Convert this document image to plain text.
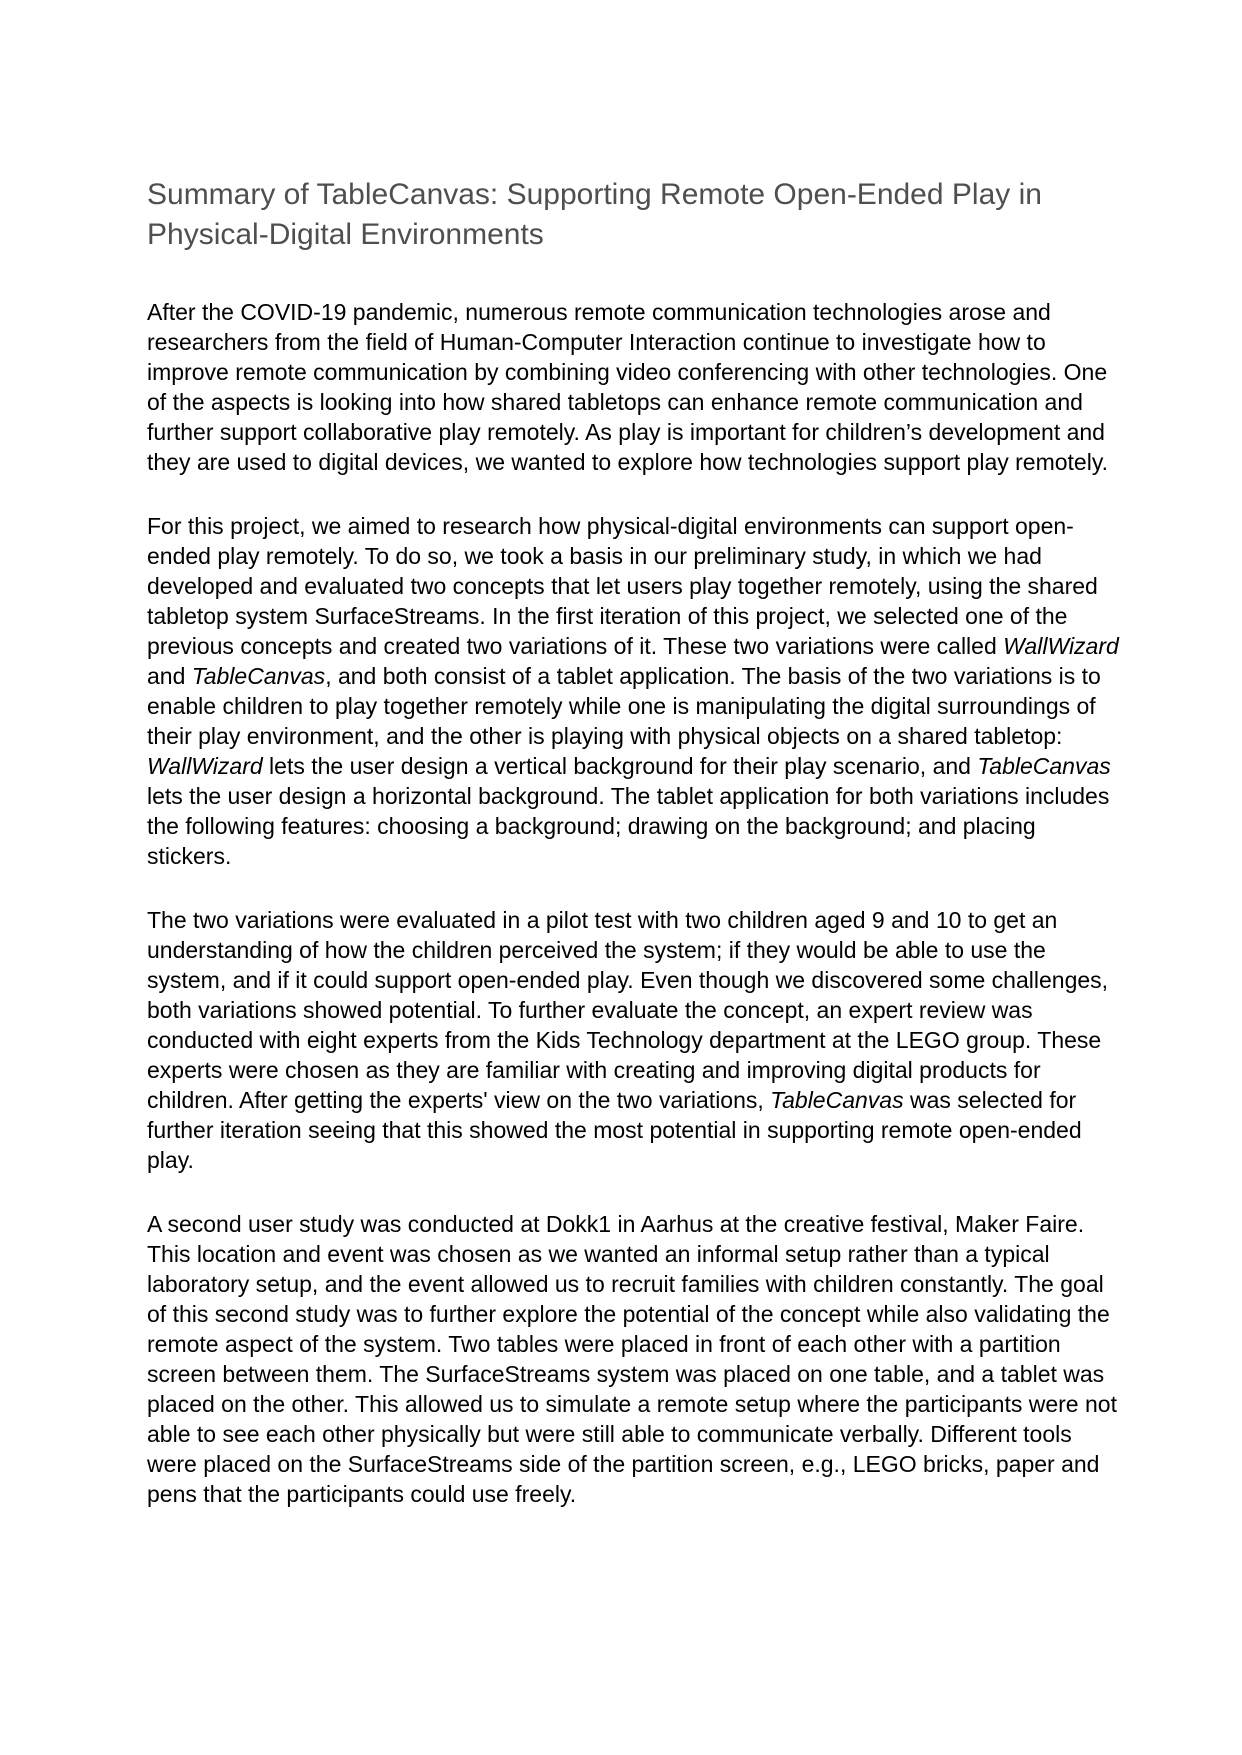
Summary of TableCanvas: Supporting Remote Open-Ended Play in Physical-Digital Environments

After the COVID-19 pandemic, numerous remote communication technologies arose and researchers from the field of Human-Computer Interaction continue to investigate how to improve remote communication by combining video conferencing with other technologies. One of the aspects is looking into how shared tabletops can enhance remote communication and further support collaborative play remotely. As play is important for children’s development and they are used to digital devices, we wanted to explore how technologies support play remotely.

For this project, we aimed to research how physical-digital environments can support open-ended play remotely. To do so, we took a basis in our preliminary study, in which we had developed and evaluated two concepts that let users play together remotely, using the shared tabletop system SurfaceStreams. In the first iteration of this project, we selected one of the previous concepts and created two variations of it. These two variations were called WallWizard and TableCanvas, and both consist of a tablet application. The basis of the two variations is to enable children to play together remotely while one is manipulating the digital surroundings of their play environment, and the other is playing with physical objects on a shared tabletop: WallWizard lets the user design a vertical background for their play scenario, and TableCanvas lets the user design a horizontal background. The tablet application for both variations includes the following features: choosing a background; drawing on the background; and placing stickers.

The two variations were evaluated in a pilot test with two children aged 9 and 10 to get an understanding of how the children perceived the system; if they would be able to use the system, and if it could support open-ended play. Even though we discovered some challenges, both variations showed potential. To further evaluate the concept, an expert review was conducted with eight experts from the Kids Technology department at the LEGO group. These experts were chosen as they are familiar with creating and improving digital products for children. After getting the experts' view on the two variations, TableCanvas was selected for further iteration seeing that this showed the most potential in supporting remote open-ended play.

A second user study was conducted at Dokk1 in Aarhus at the creative festival, Maker Faire. This location and event was chosen as we wanted an informal setup rather than a typical laboratory setup, and the event allowed us to recruit families with children constantly. The goal of this second study was to further explore the potential of the concept while also validating the remote aspect of the system. Two tables were placed in front of each other with a partition screen between them. The SurfaceStreams system was placed on one table, and a tablet was placed on the other. This allowed us to simulate a remote setup where the participants were not able to see each other physically but were still able to communicate verbally. Different tools were placed on the SurfaceStreams side of the partition screen, e.g., LEGO bricks, paper and pens that the participants could use freely.
